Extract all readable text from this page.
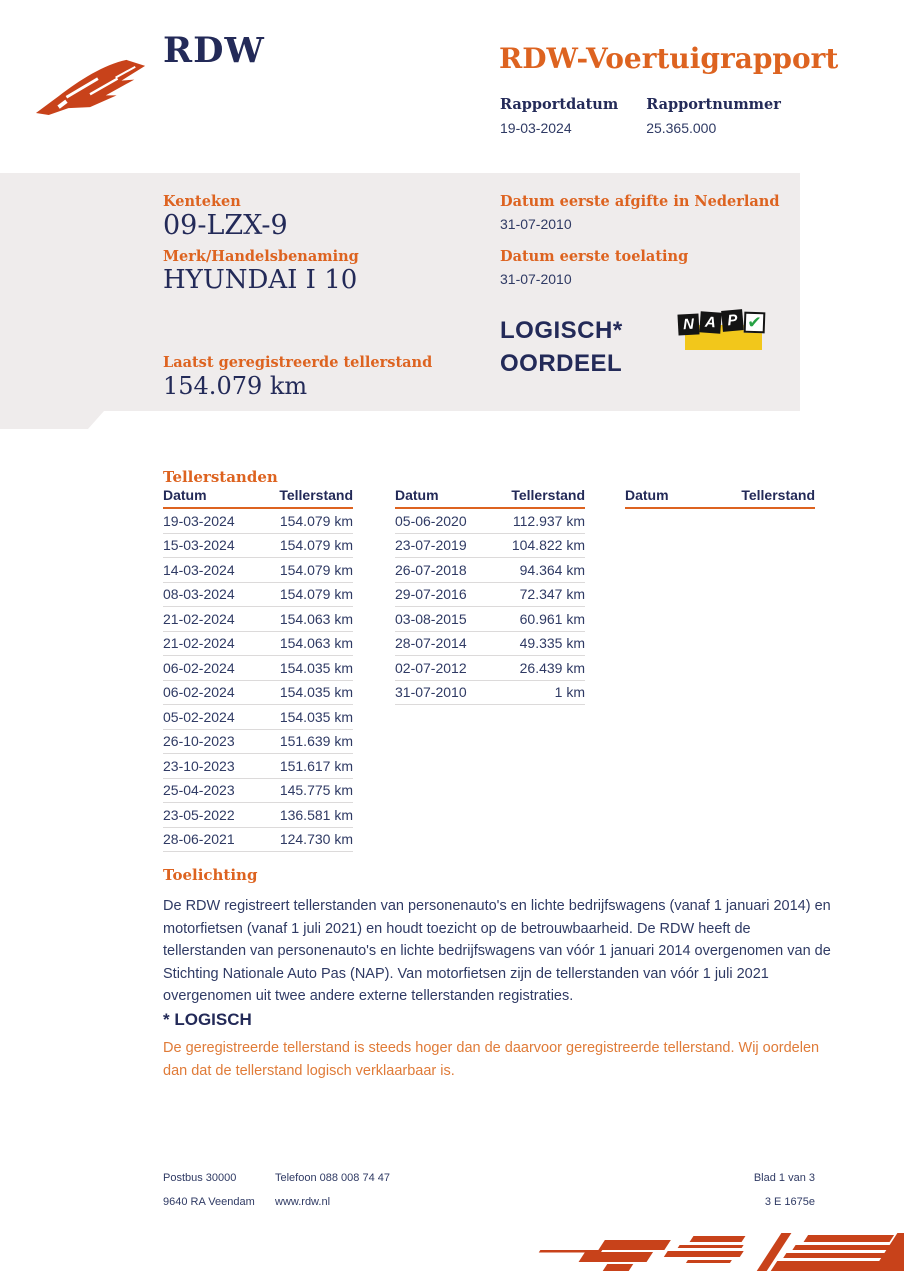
RDW	RDW-Voertuigrapport
Rapportdatum
19-03-2024
Rapportnummer
25.365.000
Kenteken
09-LZX-9
Merk/Handelsbenaming
HYUNDAI I 10
Laatst geregistreerde tellerstand
154.079 km
Datum eerste afgifte in Nederland
31-07-2010
Datum eerste toelating
31-07-2010
LOGISCH*
OORDEEL
N A P ✔
Tellerstanden
Datum	Tellerstand
19-03-2024	154.079 km
15-03-2024	154.079 km
14-03-2024	154.079 km
08-03-2024	154.079 km
21-02-2024	154.063 km
21-02-2024	154.063 km
06-02-2024	154.035 km
06-02-2024	154.035 km
05-02-2024	154.035 km
26-10-2023	151.639 km
23-10-2023	151.617 km
25-04-2023	145.775 km
23-05-2022	136.581 km
28-06-2021	124.730 km
Datum	Tellerstand
05-06-2020	112.937 km
23-07-2019	104.822 km
26-07-2018	94.364 km
29-07-2016	72.347 km
03-08-2015	60.961 km
28-07-2014	49.335 km
02-07-2012	26.439 km
31-07-2010	1 km
Datum	Tellerstand
Toelichting

De RDW registreert tellerstanden van personenauto's en lichte bedrijfswagens (vanaf 1 januari 2014) en motorfietsen (vanaf 1 juli 2021) en houdt toezicht op de betrouwbaarheid. De RDW heeft de tellerstanden van personenauto's en lichte bedrijfswagens van vóór 1 januari 2014 overgenomen van de Stichting Nationale Auto Pas (NAP). Van motorfietsen zijn de tellerstanden van vóór 1 juli 2021 overgenomen uit twee andere externe tellerstanden registraties.

* LOGISCH

De geregistreerde tellerstand is steeds hoger dan de daarvoor geregistreerde tellerstand. Wij oordelen dan dat de tellerstand logisch verklaarbaar is.

Postbus 30000
9640 RA Veendam
Telefoon 088 008 74 47
www.rdw.nl
Blad 1 van 3
3 E 1675e
